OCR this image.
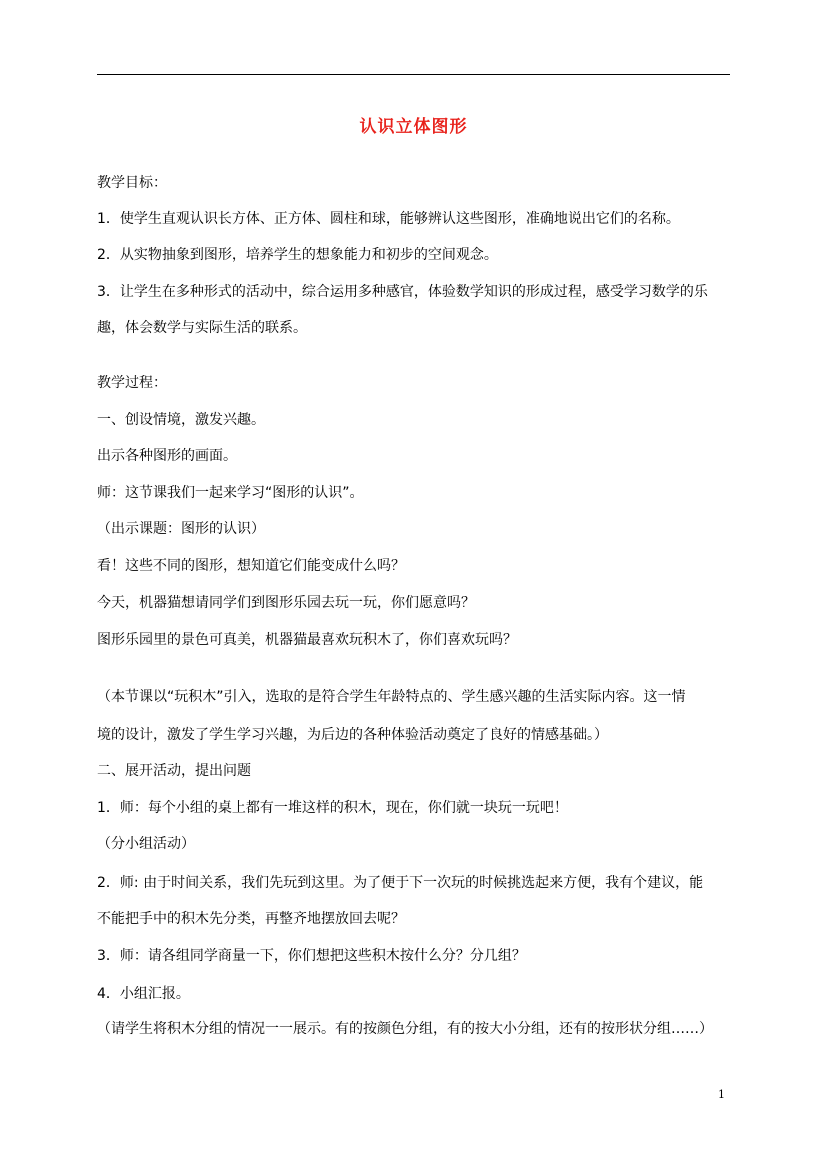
认识立体图形
教学目标：
1．使学生直观认识长方体、正方体、圆柱和球，能够辨认这些图形，准确地说出它们的名称。
2．从实物抽象到图形，培养学生的想象能力和初步的空间观念。
3．让学生在多种形式的活动中，综合运用多种感官，体验数学知识的形成过程，感受学习数学的乐
趣，体会数学与实际生活的联系。
教学过程：
一、创设情境，激发兴趣。
出示各种图形的画面。
师：这节课我们一起来学习“图形的认识”。
（出示课题：图形的认识）
看！这些不同的图形，想知道它们能变成什么吗？
今天，机器猫想请同学们到图形乐园去玩一玩，你们愿意吗？
图形乐园里的景色可真美，机器猫最喜欢玩积木了，你们喜欢玩吗？
（本节课以“玩积木”引入，选取的是符合学生年龄特点的、学生感兴趣的生活实际内容。这一情
境的设计，激发了学生学习兴趣，为后边的各种体验活动奠定了良好的情感基础。）
二、展开活动，提出问题
1．师：每个小组的桌上都有一堆这样的积木，现在，你们就一块玩一玩吧！
（分小组活动）
2．师: 由于时间关系，我们先玩到这里。为了便于下一次玩的时候挑选起来方便，我有个建议，能
不能把手中的积木先分类，再整齐地摆放回去呢？
3．师：请各组同学商量一下，你们想把这些积木按什么分？分几组？
4．小组汇报。
（请学生将积木分组的情况一一展示。有的按颜色分组，有的按大小分组，还有的按形状分组……）
1
